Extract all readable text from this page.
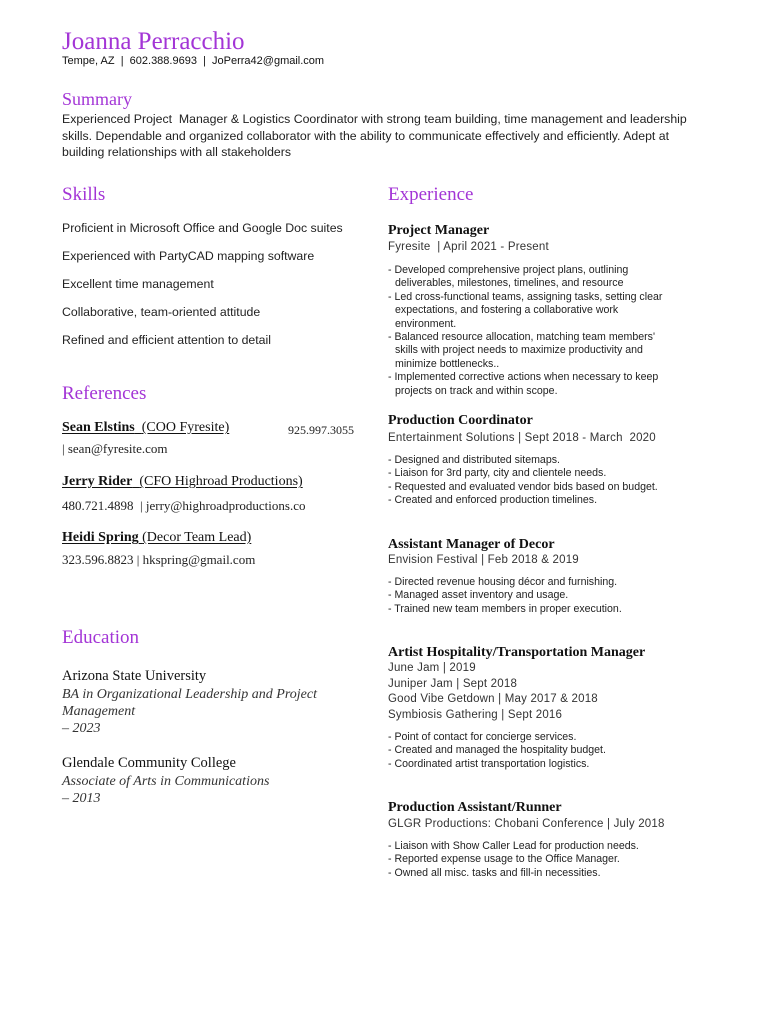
Joanna Perracchio
Tempe, AZ  |  602.388.9693  |  JoPerra42@gmail.com
Summary
Experienced Project  Manager & Logistics Coordinator with strong team building, time management and leadership
skills. Dependable and organized collaborator with the ability to communicate effectively and efficiently. Adept at
building relationships with all stakeholders
Skills
Proficient in Microsoft Office and Google Doc suites
Experienced with PartyCAD mapping software
Excellent time management
Collaborative, team-oriented attitude
Refined and efficient attention to detail
References
Sean Elstins (COO Fyresite)	925.997.3055
| sean@fyresite.com
Jerry Rider (CFO Highroad Productions)
480.721.4898  | jerry@highroadproductions.co
Heidi Spring (Decor Team Lead)
323.596.8823 | hkspring@gmail.com
Education
Arizona State University
BA in Organizational Leadership and Project
Management
– 2023
Glendale Community College
Associate of Arts in Communications
– 2013
Experience
Project Manager
Fyresite  | April 2021 - Present
- Developed comprehensive project plans, outlining
deliverables, milestones, timelines, and resource
- Led cross-functional teams, assigning tasks, setting clear
expectations, and fostering a collaborative work
environment.
- Balanced resource allocation, matching team members'
skills with project needs to maximize productivity and
minimize bottlenecks..
- Implemented corrective actions when necessary to keep
projects on track and within scope.
Production Coordinator
Entertainment Solutions | Sept 2018 - March  2020
- Designed and distributed sitemaps.
- Liaison for 3rd party, city and clientele needs.
- Requested and evaluated vendor bids based on budget.
- Created and enforced production timelines.
Assistant Manager of Decor
Envision Festival | Feb 2018 & 2019
- Directed revenue housing décor and furnishing.
- Managed asset inventory and usage.
- Trained new team members in proper execution.
Artist Hospitality/Transportation Manager
June Jam | 2019
Juniper Jam | Sept 2018
Good Vibe Getdown | May 2017 & 2018
Symbiosis Gathering | Sept 2016
- Point of contact for concierge services.
- Created and managed the hospitality budget.
- Coordinated artist transportation logistics.
Production Assistant/Runner
GLGR Productions: Chobani Conference | July 2018
- Liaison with Show Caller Lead for production needs.
- Reported expense usage to the Office Manager.
- Owned all misc. tasks and fill-in necessities.
